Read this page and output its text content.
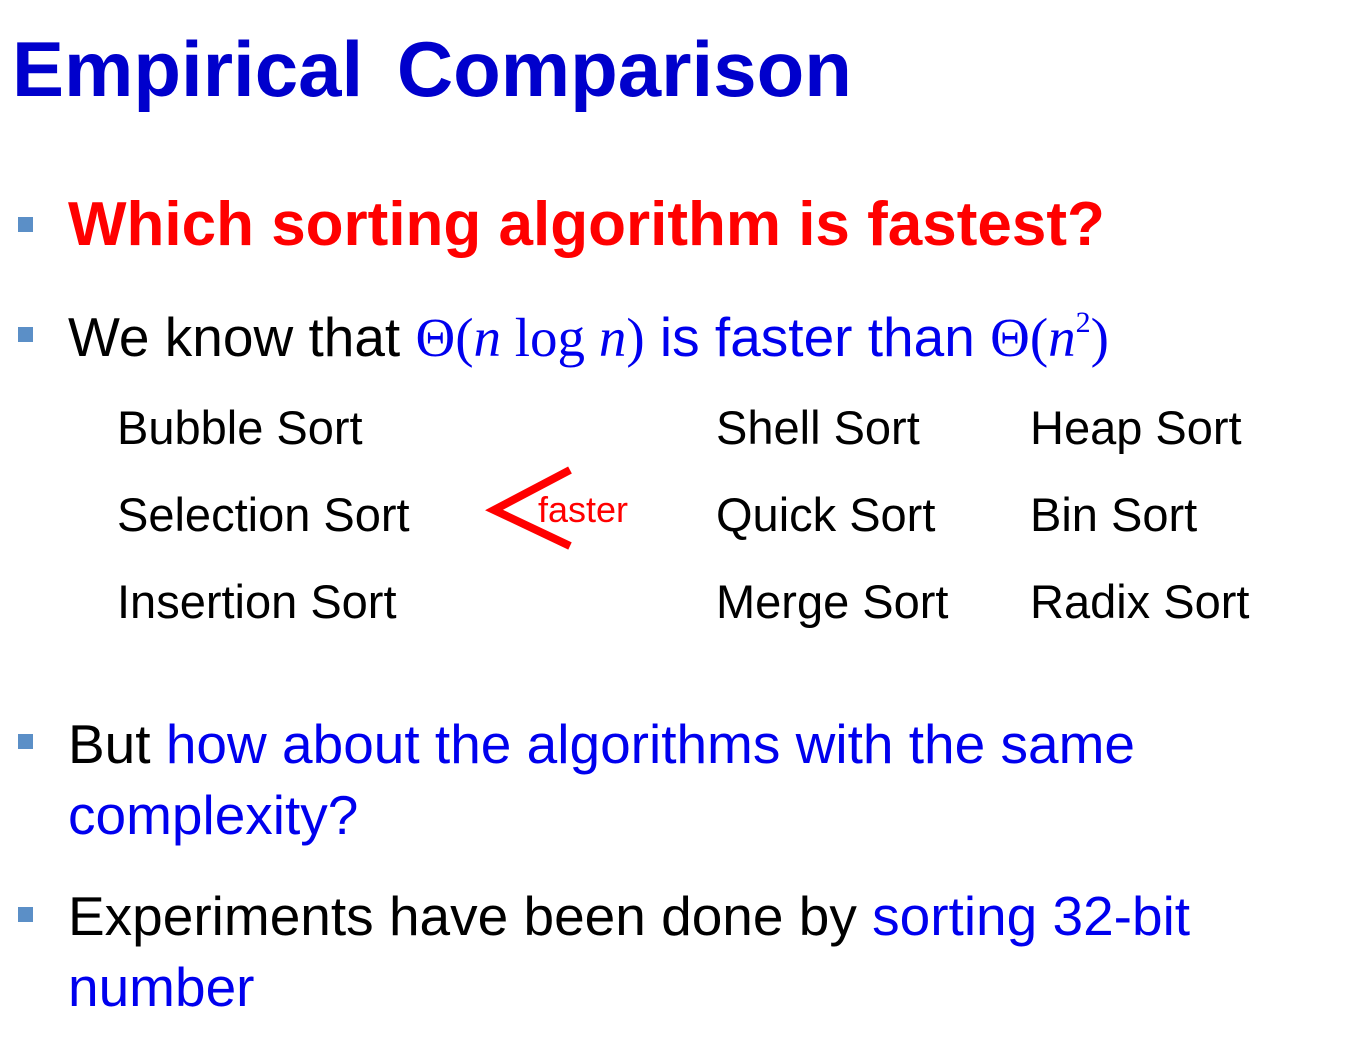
Empirical Comparison
Which sorting algorithm is fastest?
We know that Θ(n log n) is faster than $\Theta(n^2)$
Bubble Sort
Selection Sort
Insertion Sort
faster
Shell Sort
Quick Sort
Merge Sort
Heap Sort
Bin Sort
Radix Sort
But how about the algorithms with the same
complexity?
Experiments have been done by sorting 32-bit
number
